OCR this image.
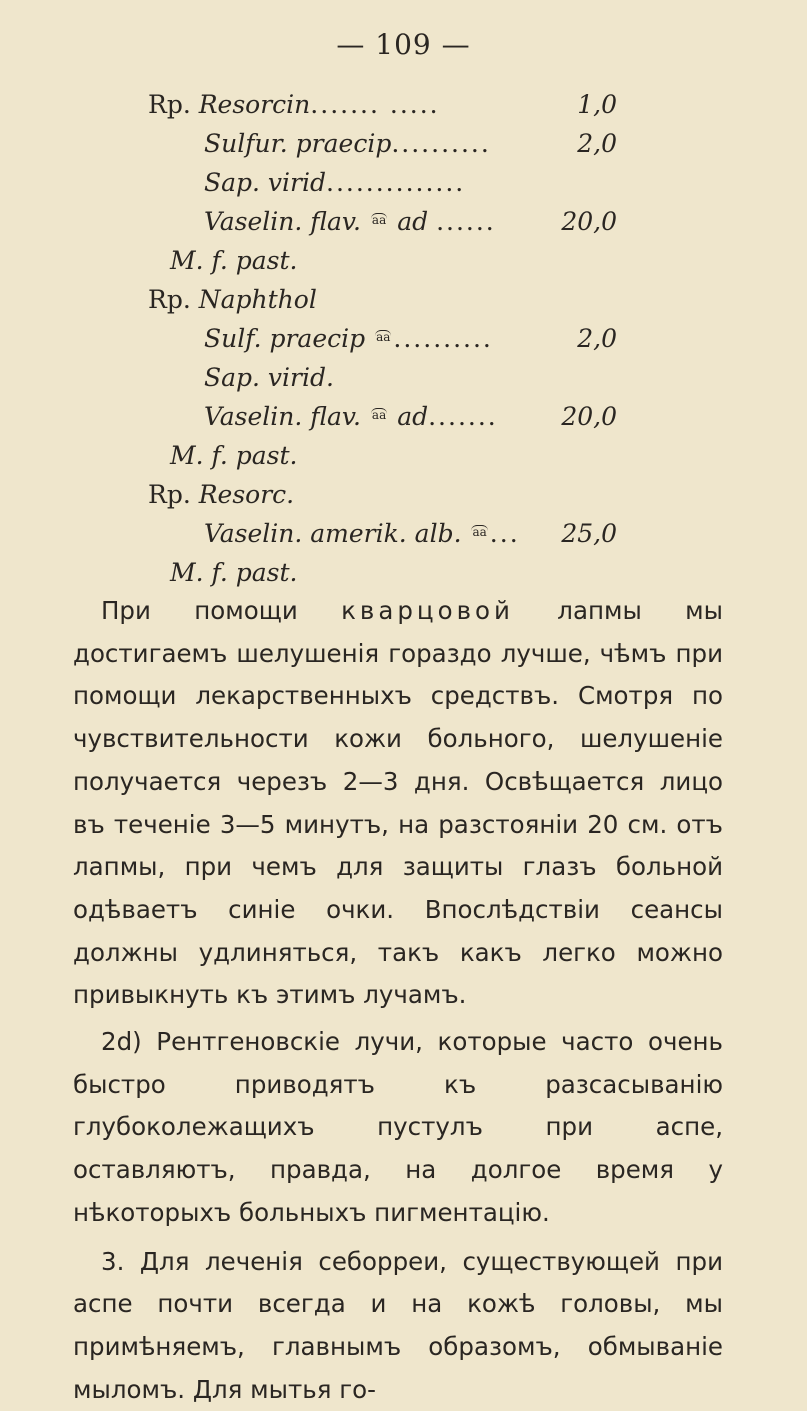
— 109 —
Rp. Resorcin....... .....	1,0
Sulfur. praecip..........	2,0
Sap. virid..............
Vaselin. flav. aa ad ......	20,0
M. f. past.
Rp. Naphthol
Sulf. praecip aa ..........	2,0
Sap. virid.
Vaselin. flav. aa ad.......	20,0
M. f. past.
Rp. Resorc.
Vaselin. amerik. alb. aa ... 25,0
M. f. past.

При помощи кварцовой лапмы мы достигаемъ шелушенія гораздо лучше, чѣмъ при помощи лекарственныхъ средствъ. Смотря по чувствительности кожи больного, шелушеніе получается черезъ 2—3 дня. Освѣщается лицо въ теченіе 3—5 минутъ, на разстояніи 20 см. отъ лапмы, при чемъ для защиты глазъ больной одѣваетъ синіе очки. Впослѣдствіи сеансы должны удлиняться, такъ какъ легко можно привыкнуть къ этимъ лучамъ.

2d) Рентгеновскіе лучи, которые часто очень быстро приводятъ къ разсасыванію глубоколежащихъ пустулъ при аспе, оставляютъ, правда, на долгое время у нѣкоторыхъ больныхъ пигментацію.

3. Для леченія себорреи, существующей при аспе почти всегда и на кожѣ головы, мы примѣняемъ, главнымъ образомъ, обмываніе мыломъ. Для мытья го-
